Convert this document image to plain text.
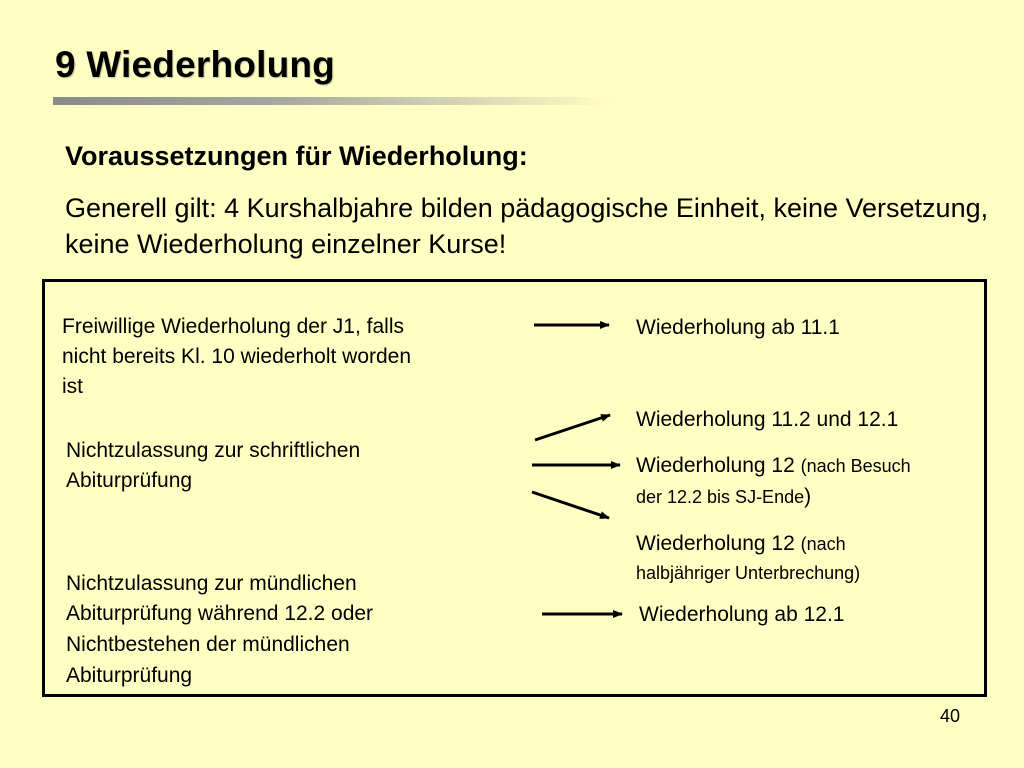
9 Wiederholung
Voraussetzungen für Wiederholung:
Generell gilt: 4 Kurshalbjahre bilden pädagogische Einheit, keine Versetzung, keine Wiederholung einzelner Kurse!
Freiwillige Wiederholung der J1, falls
nicht bereits Kl. 10 wiederholt worden
ist
Nichtzulassung zur schriftlichen
Abiturprüfung
Nichtzulassung zur mündlichen
Abiturprüfung während 12.2 oder
Nichtbestehen der mündlichen
Abiturprüfung
Wiederholung ab 11.1
Wiederholung 11.2 und 12.1
Wiederholung 12 (nach Besuch
der 12.2 bis SJ-Ende)
Wiederholung 12 (nach
halbjähriger Unterbrechung)
Wiederholung ab 12.1
40
